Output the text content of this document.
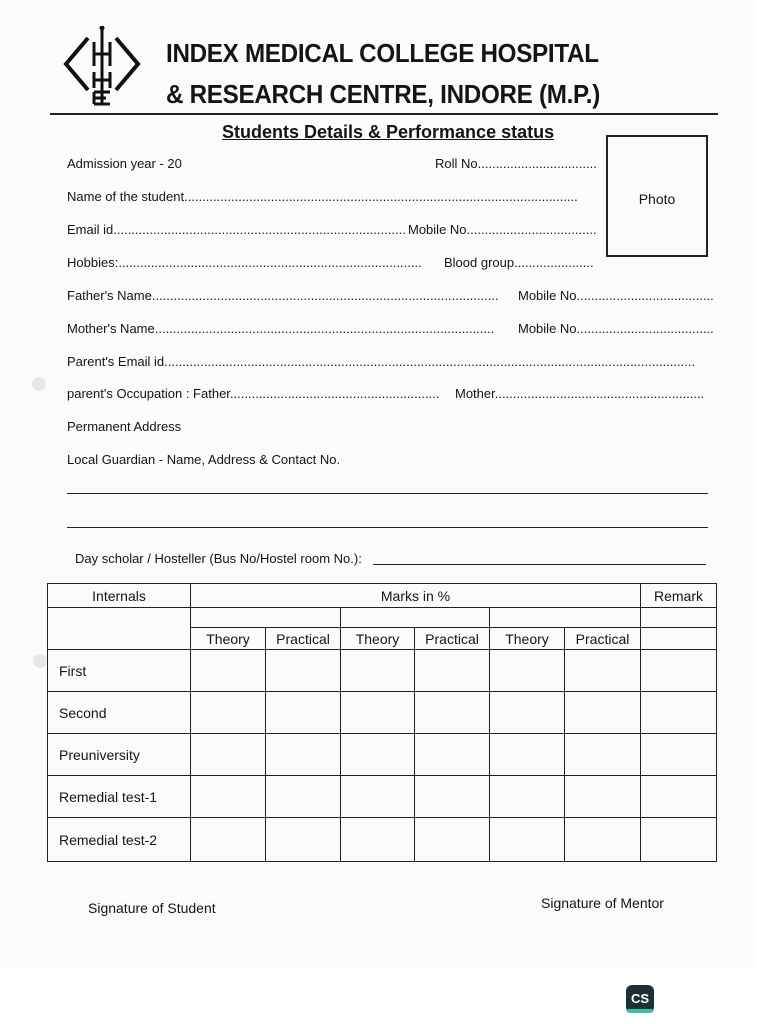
INDEX MEDICAL COLLEGE HOSPITAL
& RESEARCH CENTRE, INDORE (M.P.)
Students Details & Performance status
Photo
Admission year - 20	Roll No.................................
Name of the student.............................................................................................................
Email id................................................................................. Mobile No....................................
Hobbies:.................................................................................... Blood group......................
Father's Name................................................................................................ Mobile No......................................
Mother's Name.............................................................................................. Mobile No......................................
Parent's Email id...................................................................................................................................................
parent's Occupation : Father.......................................................... Mother..........................................................
Permanent Address
Local Guardian - Name, Address & Contact No.
Day scholar / Hosteller (Bus No/Hostel room No.):
Internals	Marks in %						Remark

	Theory	Practical	Theory	Practical	Theory	Practical	
First							
Second							
Preuniversity							
Remedial test-1							
Remedial test-2							
Signature of Student	Signature of Mentor
CS
